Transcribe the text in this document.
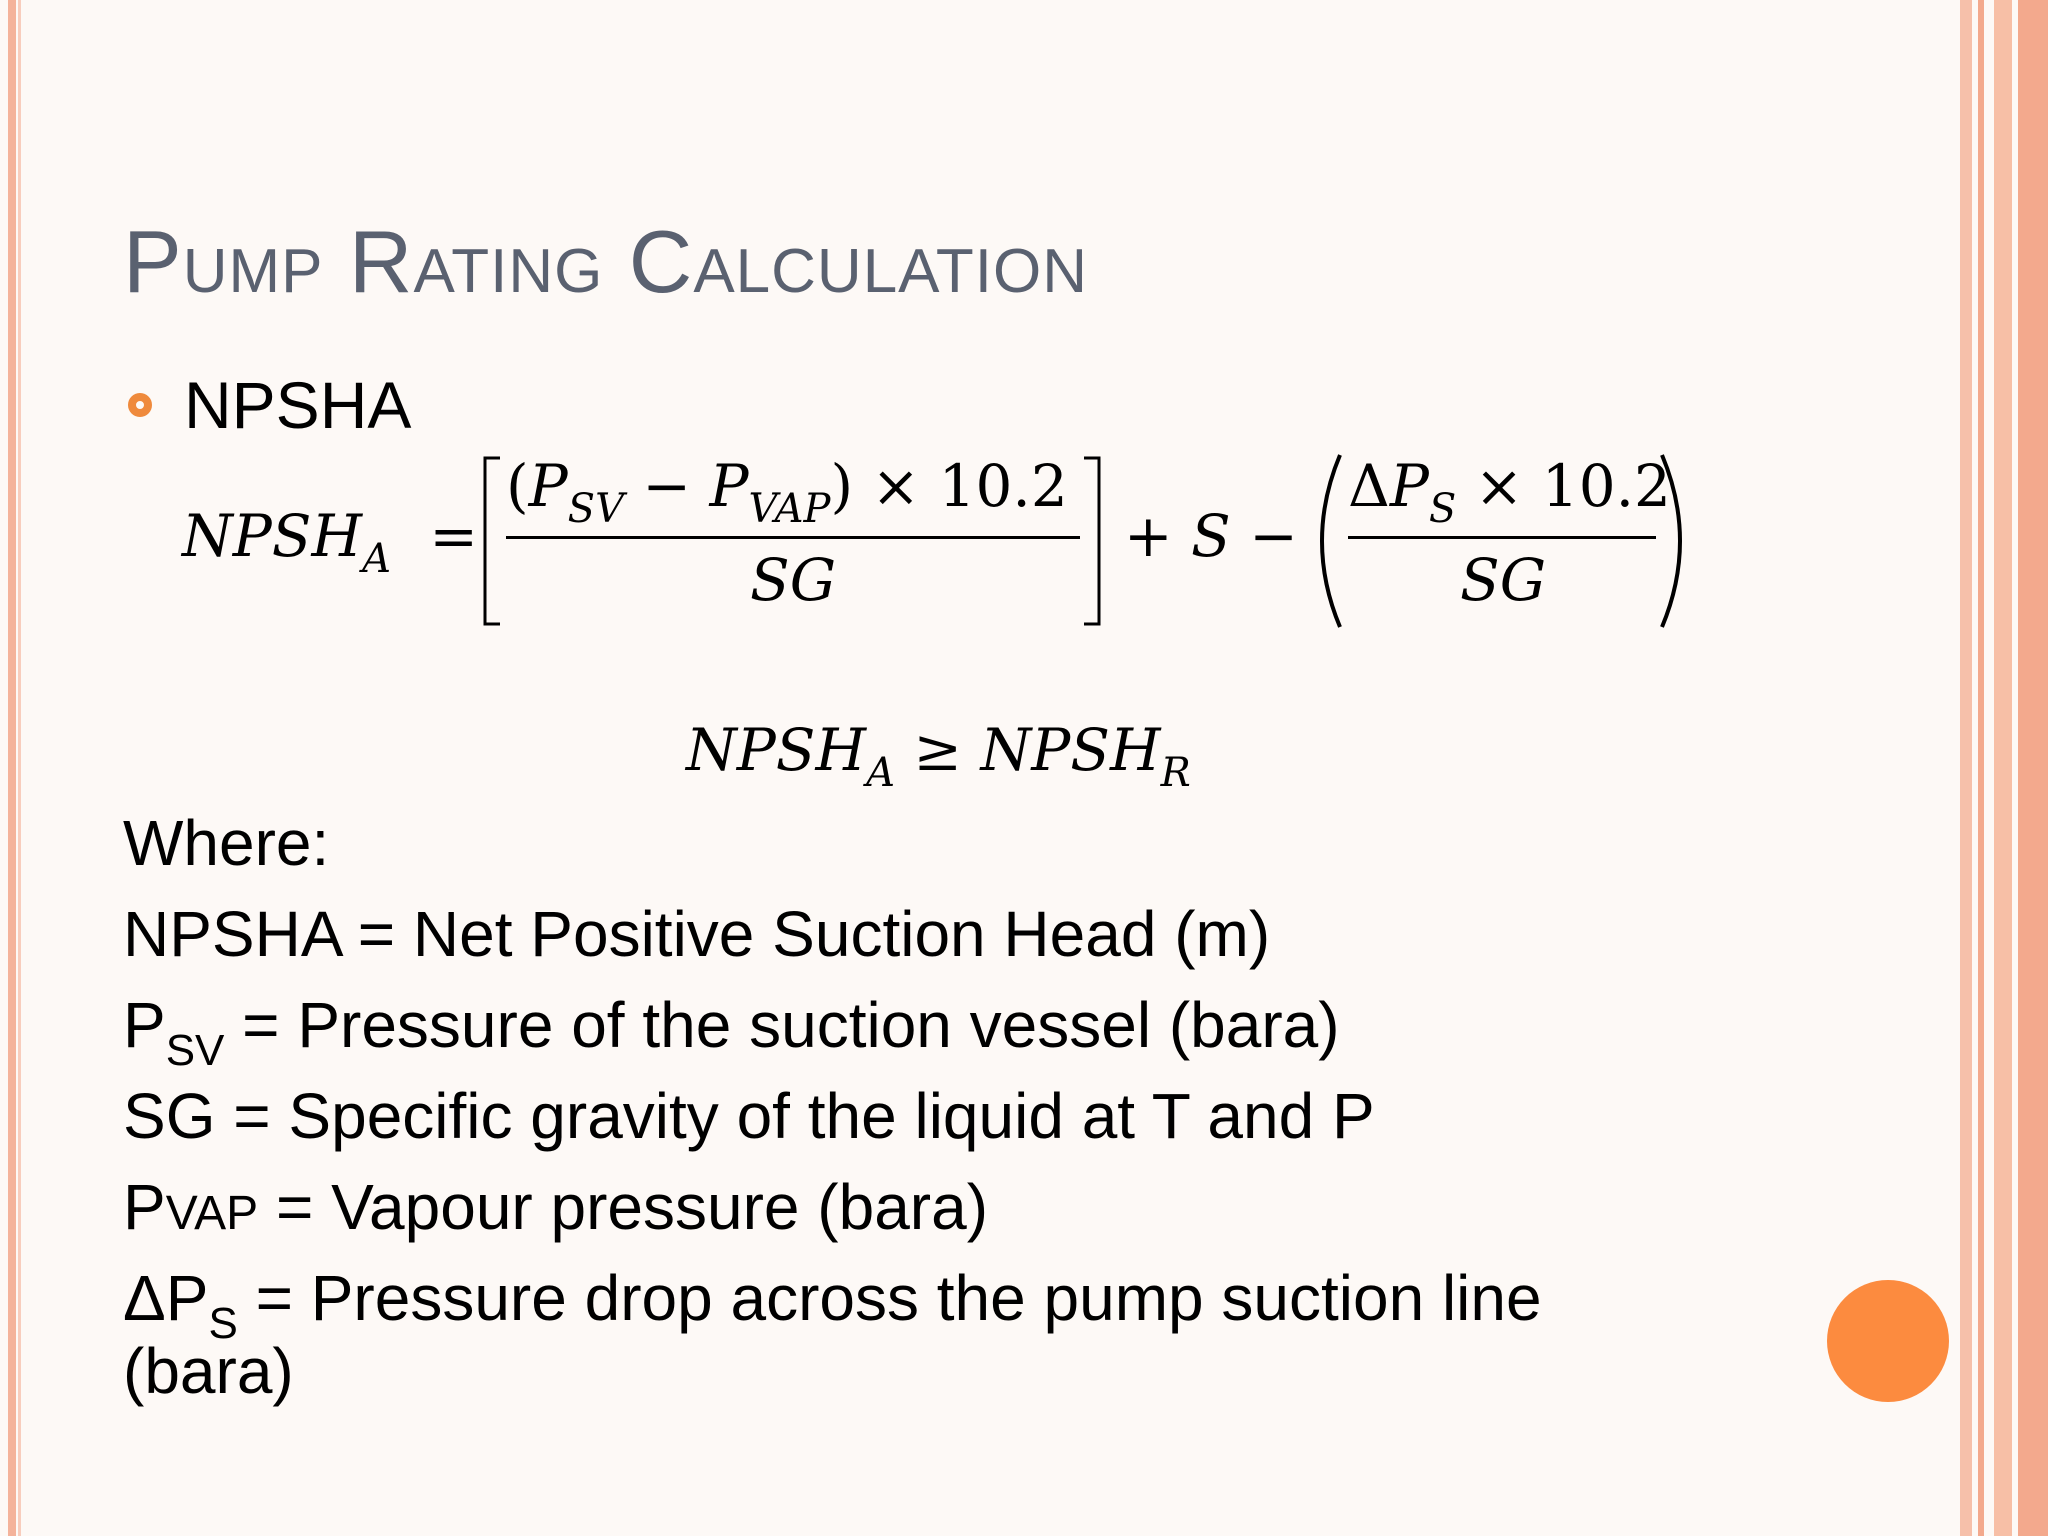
Pump Rating Calculation
NPSHA
$NPSH_A$ =
$(P_{SV} - P_{VAP}) \times 10.2$
SG
+ S −
$\Delta P_S \times 10.2$
SG
$NPSH_A$ ≥ $NPSH_R$
Where:
NPSHA = Net Positive Suction Head (m)
$P_{SV}$ = Pressure of the suction vessel (bara)
SG = Specific gravity of the liquid at T and P
PVAP = Vapour pressure (bara)
$\Delta P_S$ = Pressure drop across the pump suction line
(bara)
